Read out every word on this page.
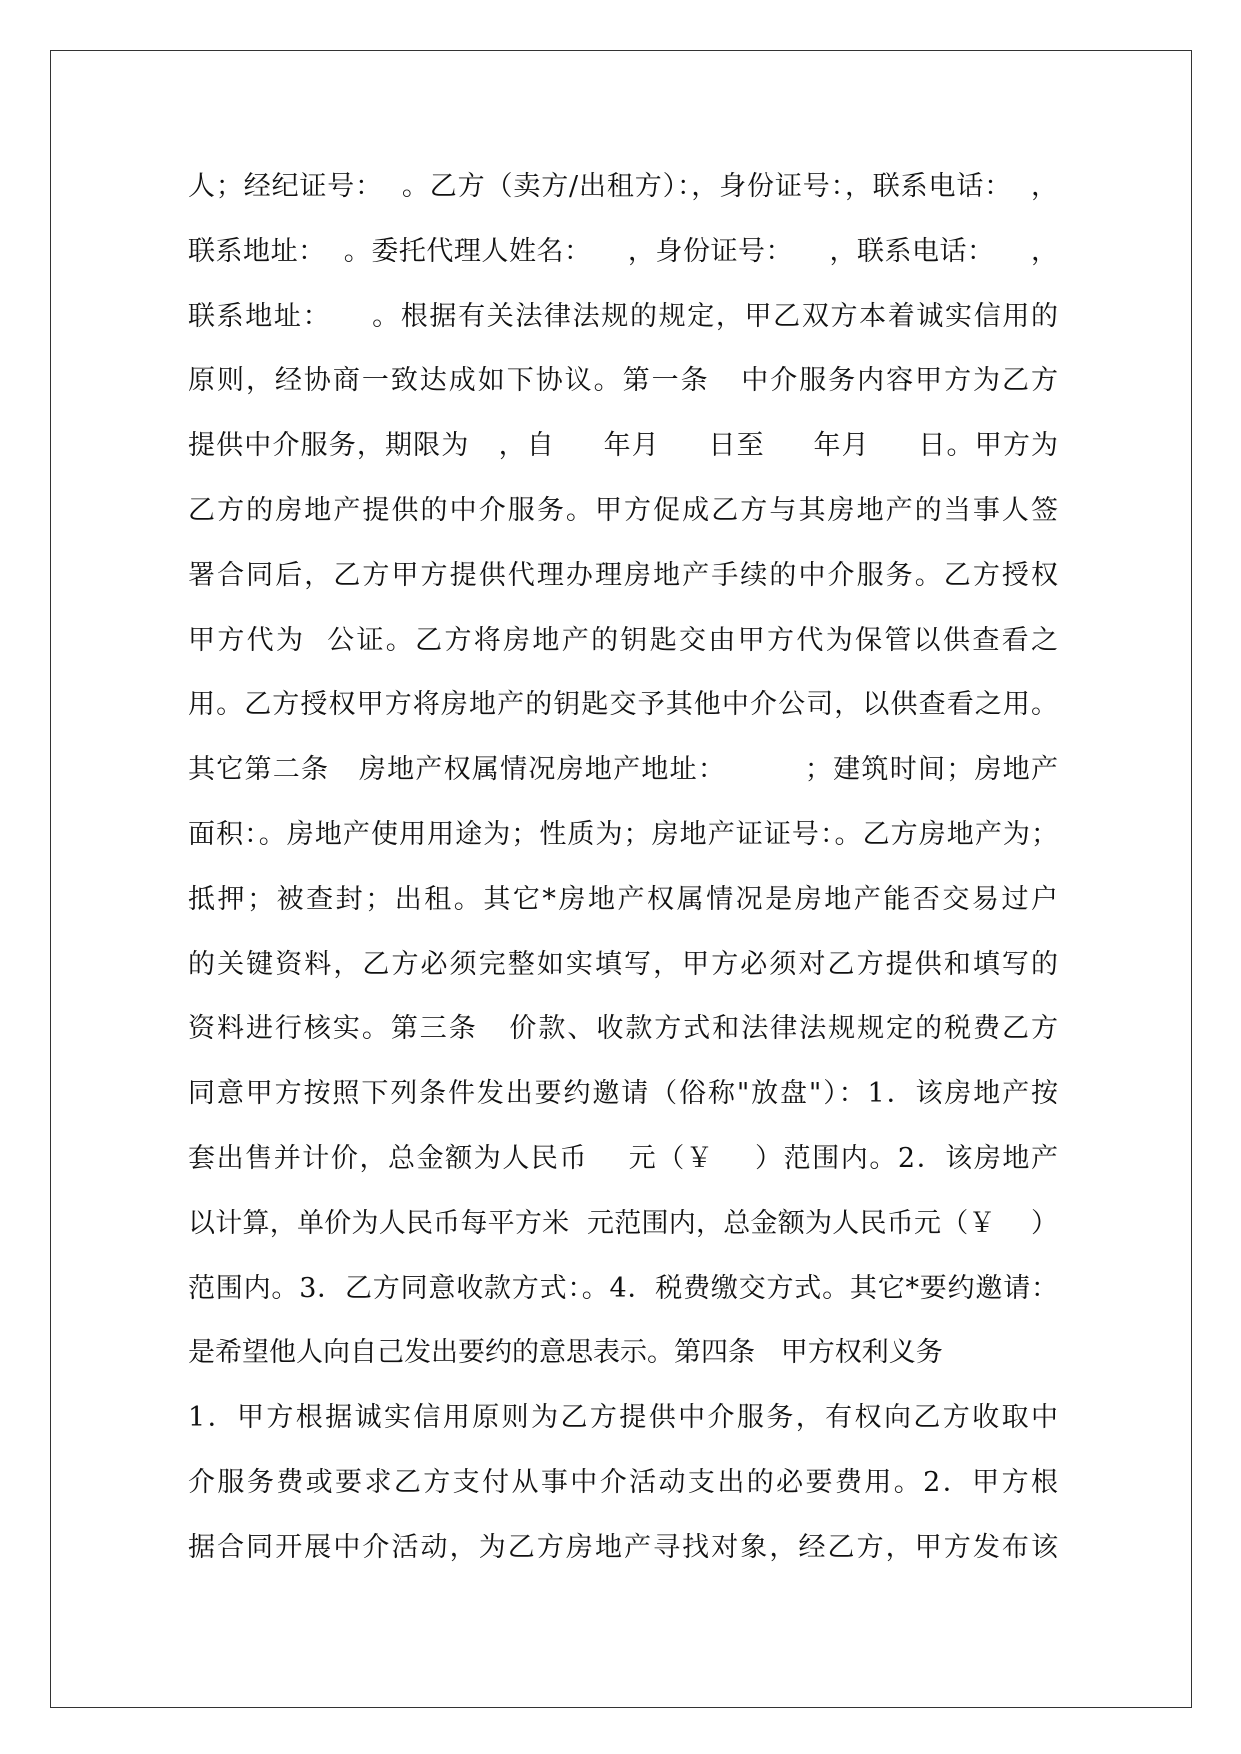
人；经纪证号：  。乙方（卖方/出租方）：，身份证号：，联系电话：  ，
联系地址：  。委托代理人姓名：    ，身份证号：    ，联系电话：    ，
联系地址：    。根据有关法律法规的规定，甲乙双方本着诚实信用的
原则，经协商一致达成如下协议。第一条   中介服务内容甲方为乙方
提供中介服务，期限为   ，自     年月     日至     年月     日。甲方为
乙方的房地产提供的中介服务。甲方促成乙方与其房地产的当事人签
署合同后，乙方甲方提供代理办理房地产手续的中介服务。乙方授权
甲方代为  公证。乙方将房地产的钥匙交由甲方代为保管以供查看之
用。乙方授权甲方将房地产的钥匙交予其他中介公司，以供查看之用。
其它第二条   房地产权属情况房地产地址：        ；建筑时间；房地产
面积：。房地产使用用途为；性质为；房地产证证号：。乙方房地产为；
抵押；被查封；出租。其它*房地产权属情况是房地产能否交易过户
的关键资料，乙方必须完整如实填写，甲方必须对乙方提供和填写的
资料进行核实。第三条   价款、收款方式和法律法规规定的税费乙方
同意甲方按照下列条件发出要约邀请（俗称"放盘"）：1．该房地产按
套出售并计价，总金额为人民币    元（￥    ）范围内。2．该房地产
以计算，单价为人民币每平方米  元范围内，总金额为人民币元（￥    ）
范围内。3．乙方同意收款方式：。4．税费缴交方式。其它*要约邀请：
是希望他人向自己发出要约的意思表示。第四条   甲方权利义务
1．甲方根据诚实信用原则为乙方提供中介服务，有权向乙方收取中
介服务费或要求乙方支付从事中介活动支出的必要费用。2．甲方根
据合同开展中介活动，为乙方房地产寻找对象，经乙方，甲方发布该
